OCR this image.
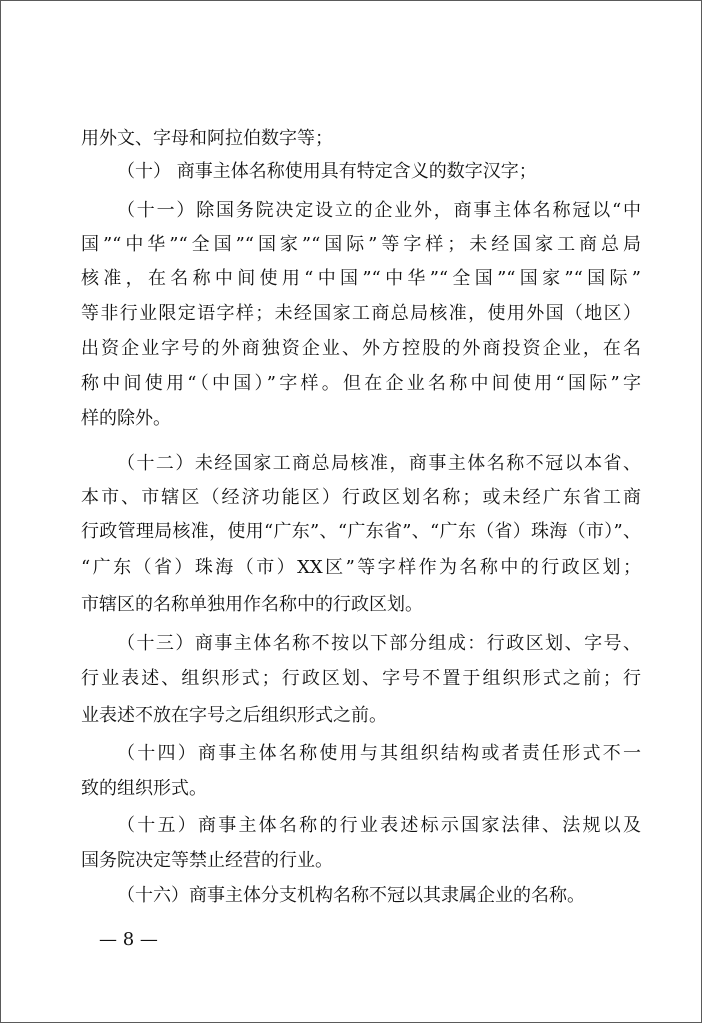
用外文、字母和阿拉伯数字等；
（十） 商事主体名称使用具有特定含义的数字汉字；
（十一）除国务院决定设立的企业外，商事主体名称冠以“中
国”“中华”“全国”“国家”“国际”等字样；未经国家工商总局
核准，在名称中间使用“中国”“中华”“全国”“国家”“国际”
等非行业限定语字样；未经国家工商总局核准，使用外国（地区）
出资企业字号的外商独资企业、外方控股的外商投资企业，在名
称中间使用“（中国）”字样。但在企业名称中间使用“国际”字
样的除外。
（十二）未经国家工商总局核准，商事主体名称不冠以本省、
本市、市辖区（经济功能区）行政区划名称；或未经广东省工商
行政管理局核准，使用“广东”、“广东省”、“广东（省）珠海（市）”、
“广东（省）珠海（市）XX区”等字样作为名称中的行政区划；
市辖区的名称单独用作名称中的行政区划。
（十三）商事主体名称不按以下部分组成：行政区划、字号、
行业表述、组织形式；行政区划、字号不置于组织形式之前；行
业表述不放在字号之后组织形式之前。
（十四）商事主体名称使用与其组织结构或者责任形式不一
致的组织形式。
（十五）商事主体名称的行业表述标示国家法律、法规以及
国务院决定等禁止经营的行业。
（十六）商事主体分支机构名称不冠以其隶属企业的名称。
— 8 —
